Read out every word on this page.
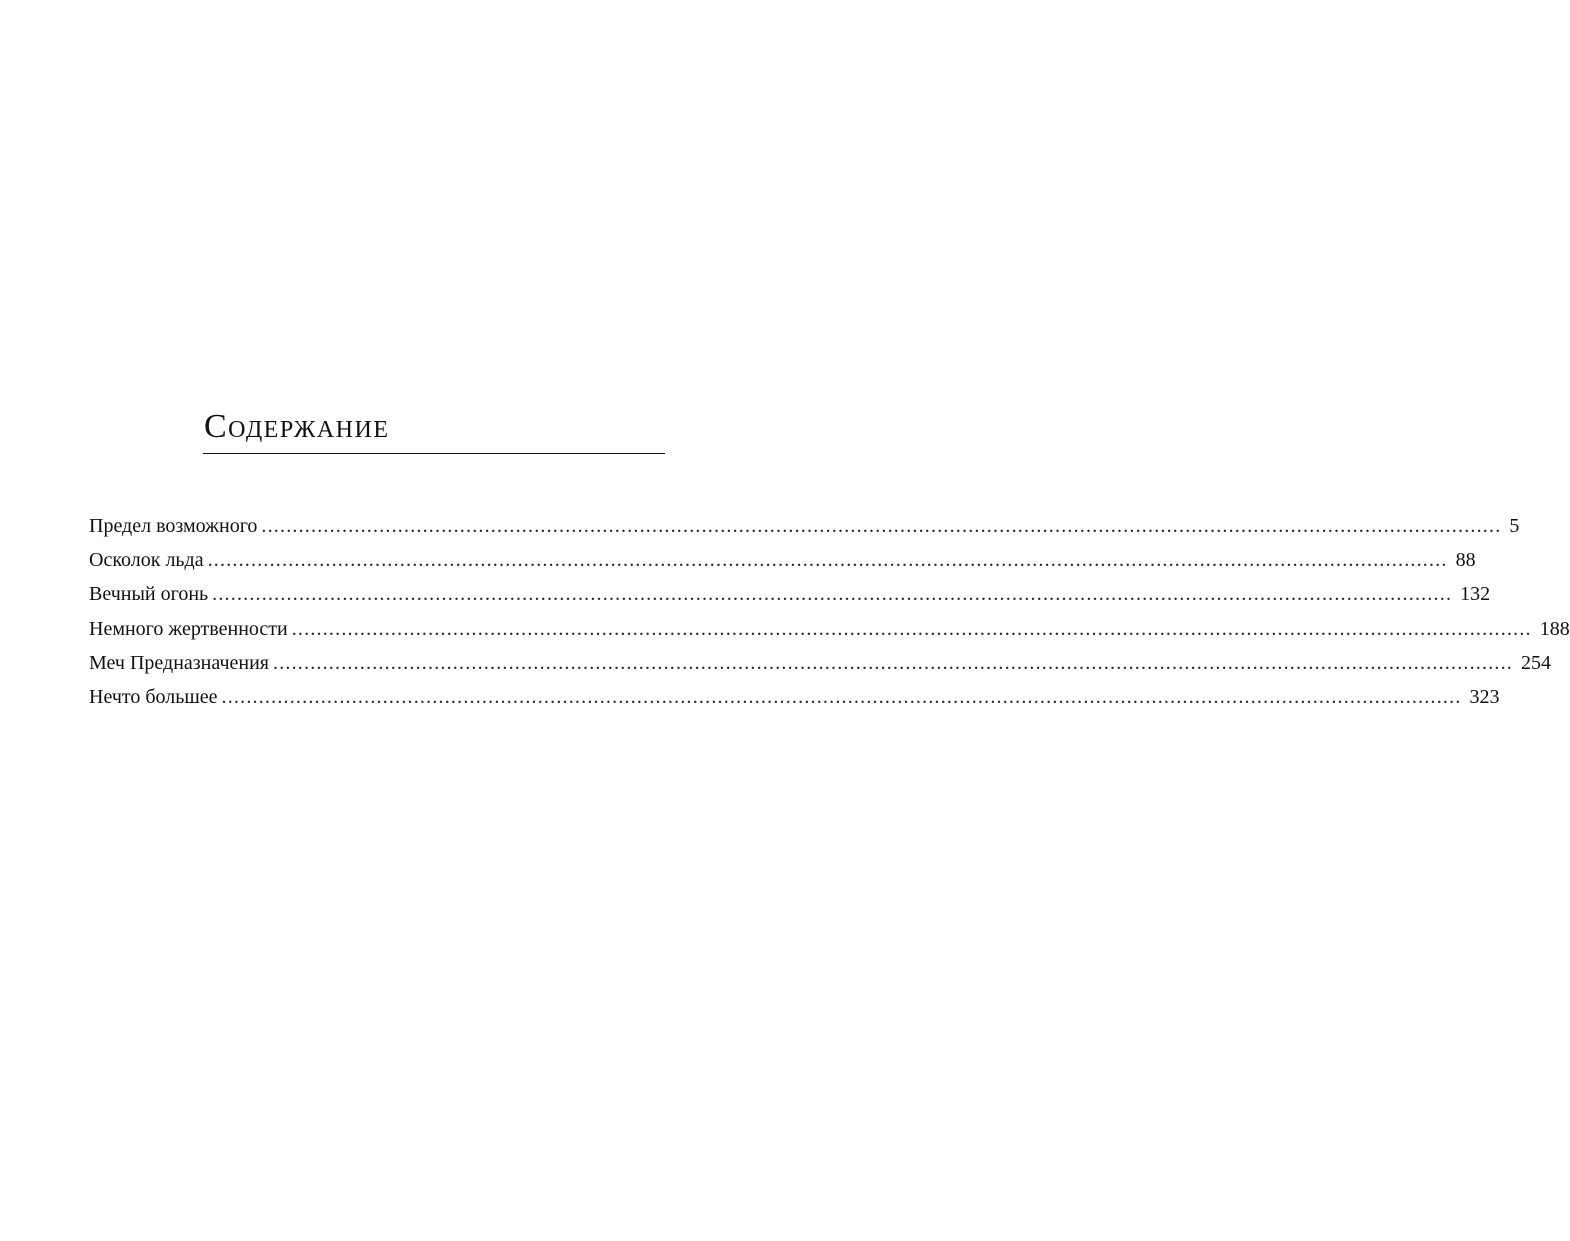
Содержание
Предел возможного ........................................................................................................................................................................................................ 5
Осколок льда ........................................................................................................................................................................................................ 88
Вечный огонь ........................................................................................................................................................................................................ 132
Немного жертвенности ........................................................................................................................................................................................................ 188
Меч Предназначения ........................................................................................................................................................................................................ 254
Нечто большее ........................................................................................................................................................................................................ 323
